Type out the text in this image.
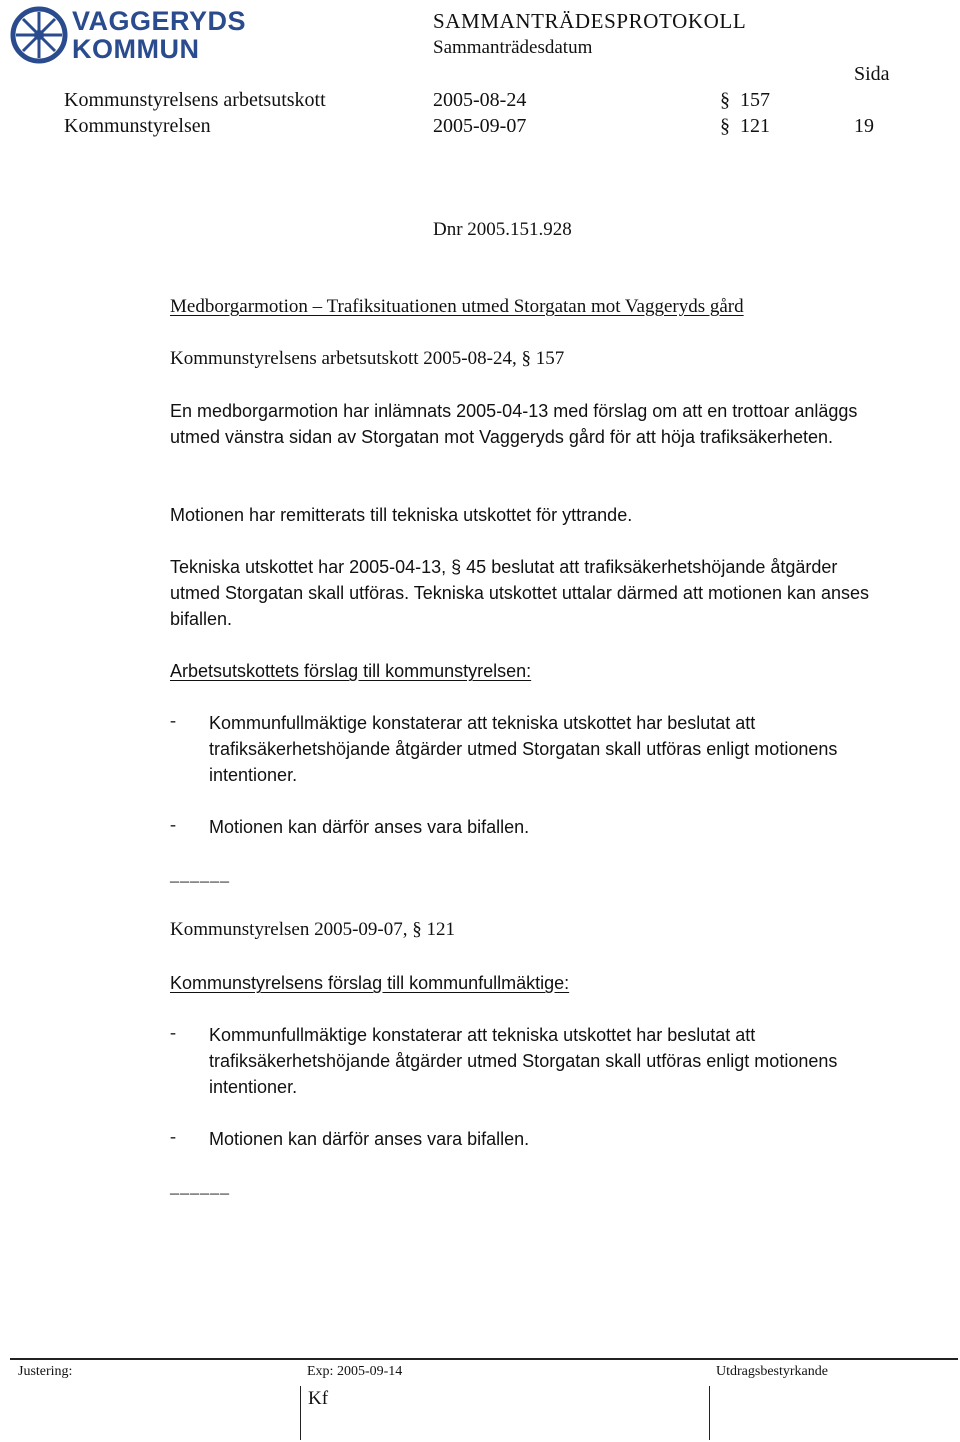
VAGGERYDS
KOMMUN
SAMMANTRÄDESPROTOKOLL
Sammanträdesdatum
Sida
Kommunstyrelsens arbetsutskott	2005-08-24	§ 157
Kommunstyrelsen	2005-09-07	§ 121	19
Dnr 2005.151.928
Medborgarmotion – Trafiksituationen utmed Storgatan mot Vaggeryds gård
Kommunstyrelsens arbetsutskott 2005-08-24, § 157
En medborgarmotion har inlämnats 2005-04-13 med förslag om att en trottoar anläggs utmed vänstra sidan av Storgatan mot Vaggeryds gård för att höja trafiksäkerheten.
Motionen har remitterats till tekniska utskottet för yttrande.
Tekniska utskottet har 2005-04-13, § 45 beslutat att trafiksäkerhetshöjande åtgärder utmed Storgatan skall utföras. Tekniska utskottet uttalar därmed att motionen kan anses bifallen.
Arbetsutskottets förslag till kommunstyrelsen:
- Kommunfullmäktige konstaterar att tekniska utskottet har beslutat att trafiksäkerhetshöjande åtgärder utmed Storgatan skall utföras enligt motionens intentioner.
- Motionen kan därför anses vara bifallen.
______
Kommunstyrelsen 2005-09-07, § 121
Kommunstyrelsens förslag till kommunfullmäktige:
- Kommunfullmäktige konstaterar att tekniska utskottet har beslutat att trafiksäkerhetshöjande åtgärder utmed Storgatan skall utföras enligt motionens intentioner.
- Motionen kan därför anses vara bifallen.
______
Justering:	Exp: 2005-09-14	Utdragsbestyrkande
Kf
